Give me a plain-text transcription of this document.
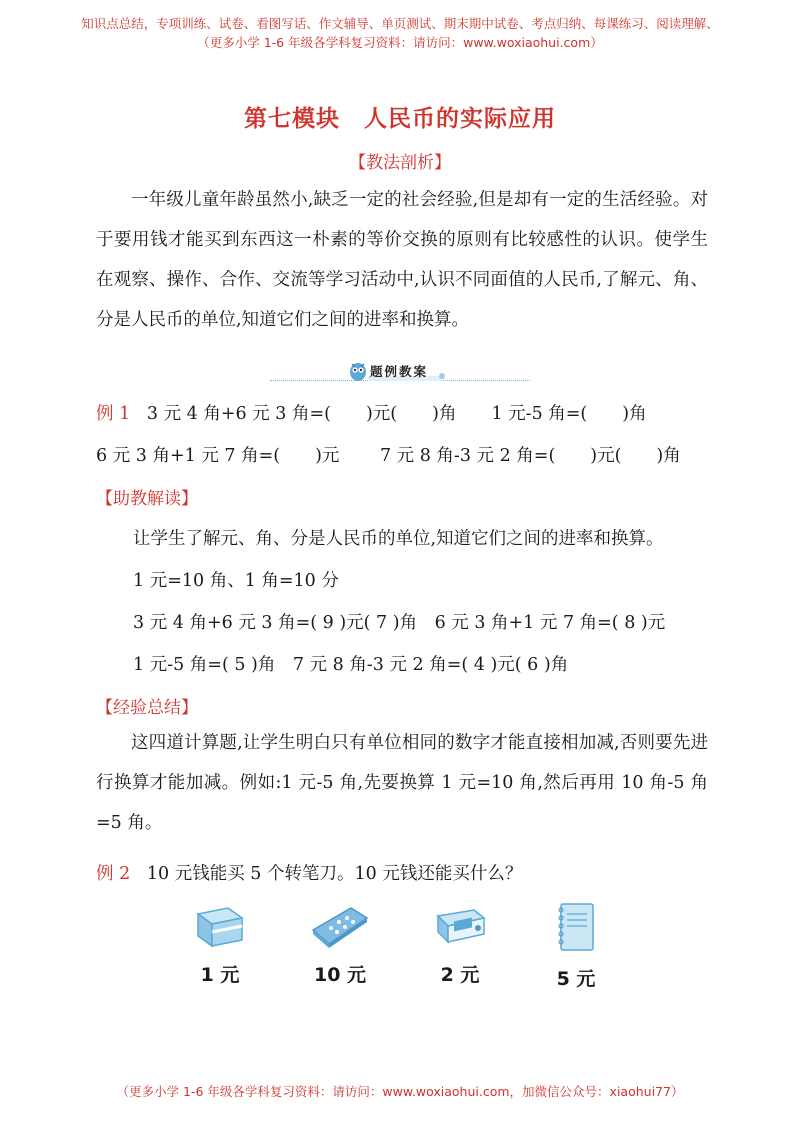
知识点总结，专项训练、试卷、看图写话、作文辅导、单页测试、期末期中试卷、考点归纳、每课练习、阅读理解、
（更多小学 1-6 年级各学科复习资料：请访问：www.woxiaohui.com）
第七模块　人民币的实际应用
【教法剖析】
一年级儿童年龄虽然小,缺乏一定的社会经验,但是却有一定的生活经验。对于要用钱才能买到东西这一朴素的等价交换的原则有比较感性的认识。使学生在观察、操作、合作、交流等学习活动中,认识不同面值的人民币,了解元、角、分是人民币的单位,知道它们之间的进率和换算。
题例教案
例 1 3 元 4 角+6 元 3 角=(　　)元(　　)角　　1 元-5 角=(　　)角
6 元 3 角+1 元 7 角=(　　)元　　 7 元 8 角-3 元 2 角=(　　)元(　　)角
【助教解读】
让学生了解元、角、分是人民币的单位,知道它们之间的进率和换算。
1 元=10 角、1 角=10 分
3 元 4 角+6 元 3 角=( 9 )元( 7 )角　6 元 3 角+1 元 7 角=( 8 )元
1 元-5 角=( 5 )角　7 元 8 角-3 元 2 角=( 4 )元( 6 )角
【经验总结】
这四道计算题,让学生明白只有单位相同的数字才能直接相加减,否则要先进行换算才能加减。例如:1 元-5 角,先要换算 1 元=10 角,然后再用 10 角-5 角=5 角。
例 2 10 元钱能买 5 个转笔刀。10 元钱还能买什么？
1 元	10 元	2 元	5 元
（更多小学 1-6 年级各学科复习资料：请访问：www.woxiaohui.com，加微信公众号：xiaohui77）
